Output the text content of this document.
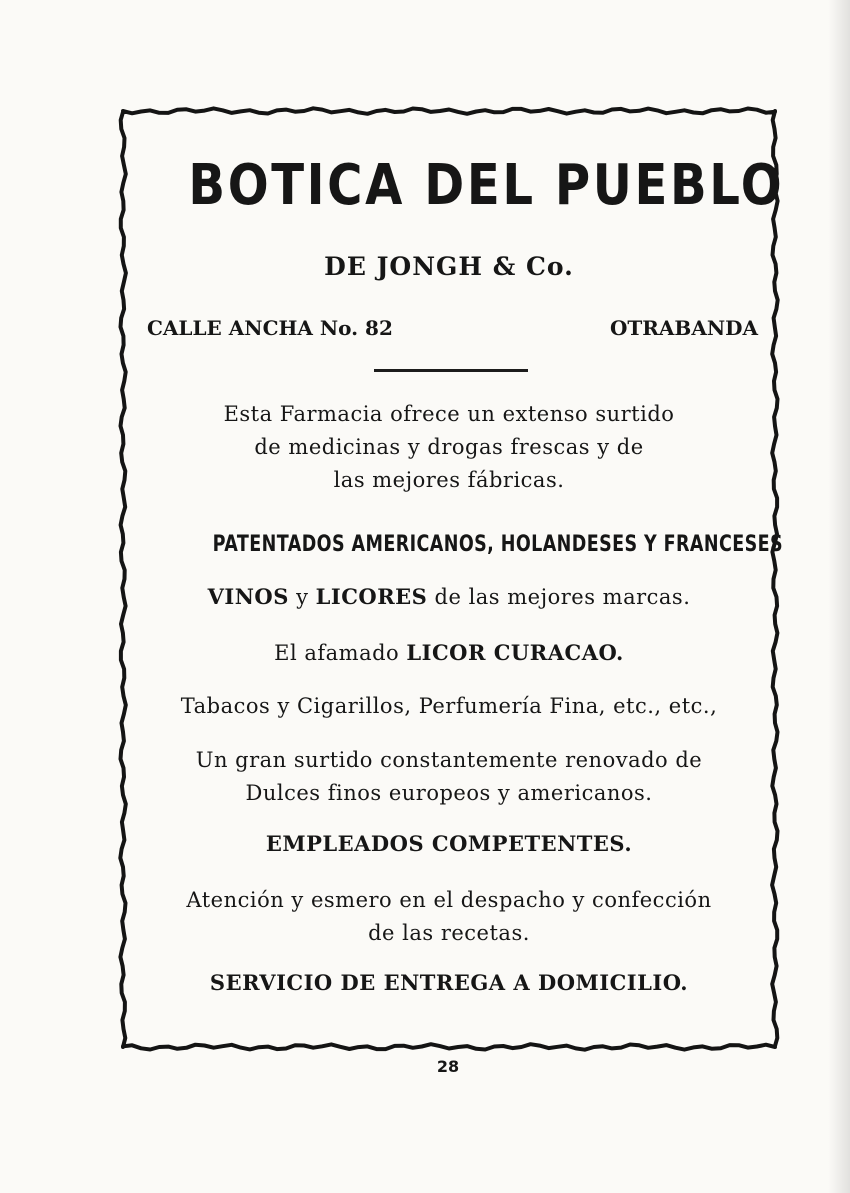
BOTICA DEL PUEBLO
DE JONGH & Co.
CALLE ANCHA No. 82	OTRABANDA
Esta Farmacia ofrece un extenso surtido
de medicinas y drogas frescas y de
las mejores fábricas.
PATENTADOS AMERICANOS, HOLANDESES Y FRANCESES
VINOS y LICORES de las mejores marcas.
El afamado LICOR CURACAO.
Tabacos y Cigarillos, Perfumería Fina, etc., etc.,
Un gran surtido constantemente renovado de
Dulces finos europeos y americanos.
EMPLEADOS COMPETENTES.
Atención y esmero en el despacho y confección
de las recetas.
SERVICIO DE ENTREGA A DOMICILIO.
28
